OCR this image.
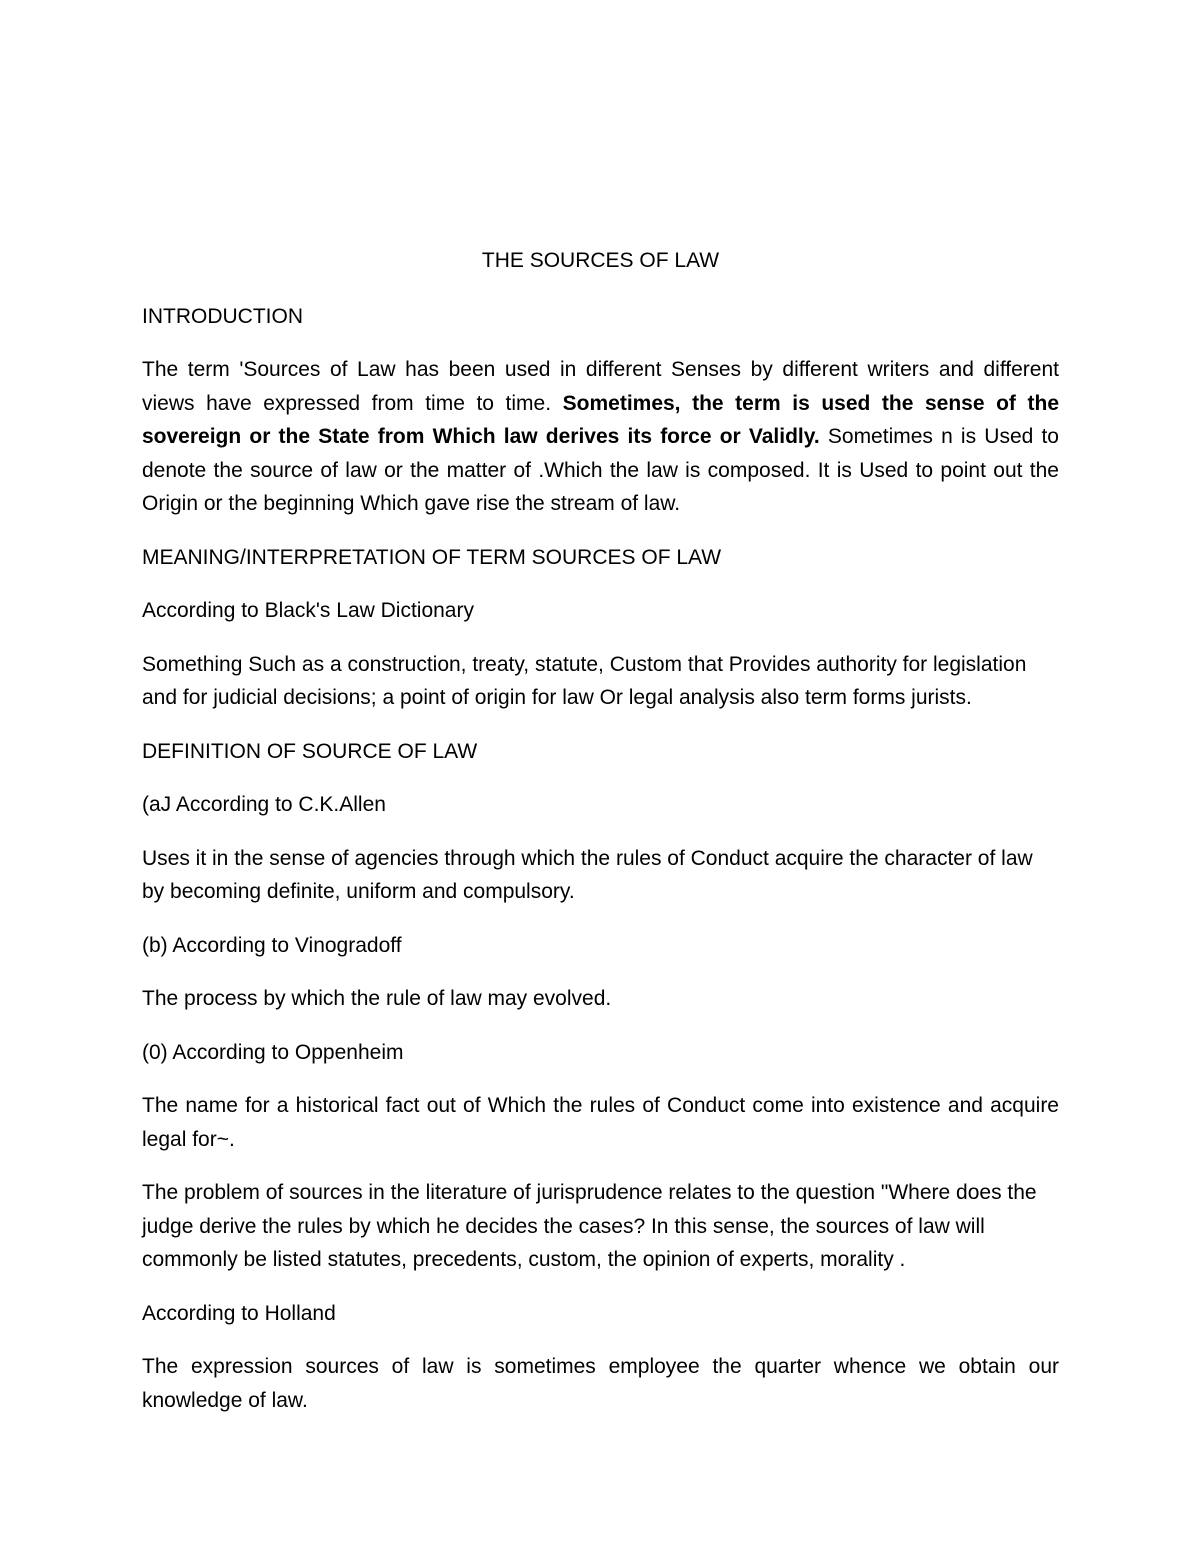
THE SOURCES OF LAW
INTRODUCTION
The term 'Sources of Law has been used in different Senses by different writers and different views have expressed from time to time. Sometimes, the term is used the sense of the sovereign or the State from Which law derives its force or Validly. Sometimes n is Used to denote the source of law or the matter of .Which the law is composed. It is Used to point out the Origin or the beginning Which gave rise the stream of law.
MEANING/INTERPRETATION OF TERM SOURCES OF LAW
According to Black's Law Dictionary
Something Such as a construction, treaty, statute, Custom that Provides authority for legislation and for judicial decisions; a point of origin for law Or legal analysis also term forms jurists.
DEFINITION OF SOURCE OF LAW
(aJ According to C.K.Allen
Uses it in the sense of agencies through which the rules of Conduct acquire the character of law by becoming definite, uniform and compulsory.
(b) According to Vinogradoff
The process by which the rule of law may evolved.
(0) According to Oppenheim
The name for a historical fact out of Which the rules of Conduct come into existence and acquire legal for~.
The problem of sources in the literature of jurisprudence relates to the question "Where does the judge derive the rules by which he decides the cases? In this sense, the sources of law will commonly be listed statutes, precedents, custom, the opinion of experts, morality .
According to Holland
The expression sources of law is sometimes employee the quarter whence we obtain our knowledge of law.
